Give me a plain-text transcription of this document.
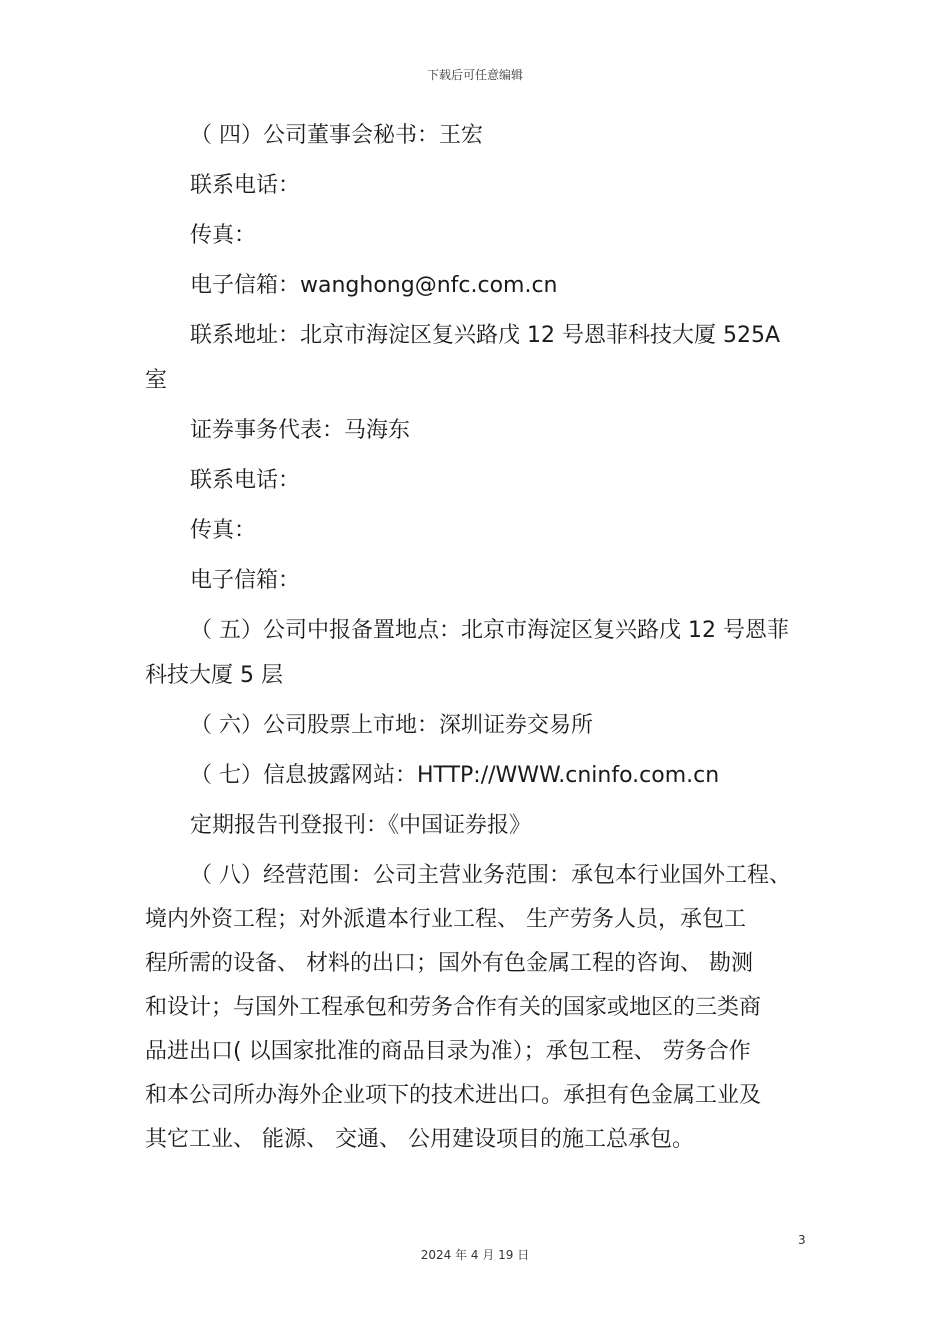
下载后可任意编辑
（ 四）公司董事会秘书：王宏
联系电话：
传真：
电子信箱：wanghong@nfc.com.cn
联系地址：北京市海淀区复兴路戊 12 号恩菲科技大厦 525A
室
证券事务代表：马海东
联系电话：
传真：
电子信箱：
（ 五）公司中报备置地点：北京市海淀区复兴路戊 12 号恩菲
科技大厦 5 层
（ 六）公司股票上市地：深圳证券交易所
（ 七）信息披露网站：HTTP://WWW.cninfo.com.cn
定期报告刊登报刊：《中国证券报》
（ 八）经营范围：公司主营业务范围：承包本行业国外工程、
境内外资工程；对外派遣本行业工程、 生产劳务人员，承包工
程所需的设备、 材料的出口；国外有色金属工程的咨询、 勘测
和设计；与国外工程承包和劳务合作有关的国家或地区的三类商
品进出口( 以国家批准的商品目录为准）；承包工程、 劳务合作
和本公司所办海外企业项下的技术进出口。承担有色金属工业及
其它工业、 能源、 交通、 公用建设项目的施工总承包。
3
2024 年 4 月 19 日
